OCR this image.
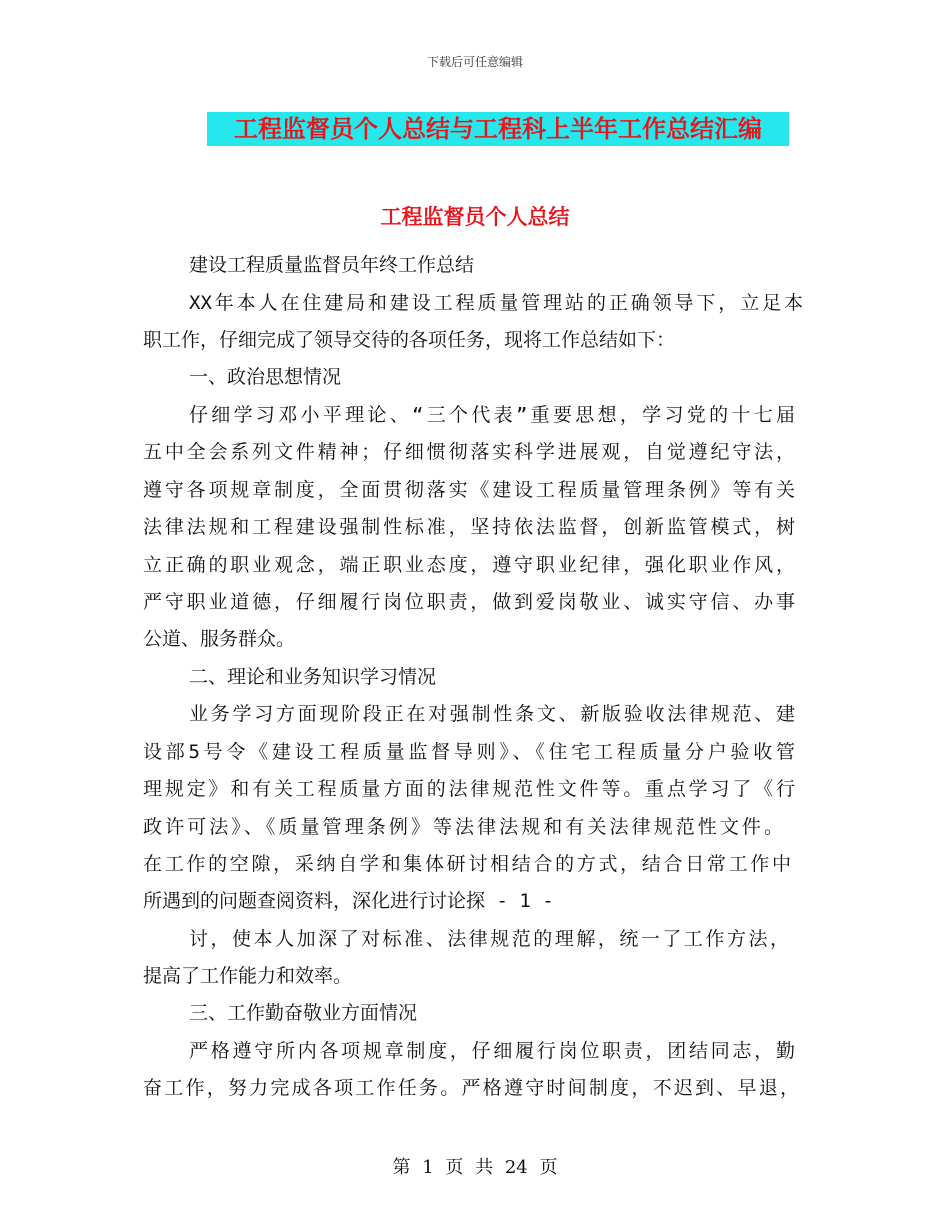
下载后可任意编辑
工程监督员个人总结与工程科上半年工作总结汇编
工程监督员个人总结
建设工程质量监督员年终工作总结
XX年本人在住建局和建设工程质量管理站的正确领导下，立足本
职工作，仔细完成了领导交待的各项任务，现将工作总结如下：
一、政治思想情况
仔细学习邓小平理论、“三个代表”重要思想，学习党的十七届
五中全会系列文件精神；仔细惯彻落实科学进展观，自觉遵纪守法，
遵守各项规章制度，全面贯彻落实《建设工程质量管理条例》等有关
法律法规和工程建设强制性标准，坚持依法监督，创新监管模式，树
立正确的职业观念，端正职业态度，遵守职业纪律，强化职业作风，
严守职业道德，仔细履行岗位职责，做到爱岗敬业、诚实守信、办事
公道、服务群众。
二、理论和业务知识学习情况
业务学习方面现阶段正在对强制性条文、新版验收法律规范、建
设部5号令《建设工程质量监督导则》、《住宅工程质量分户验收管
理规定》和有关工程质量方面的法律规范性文件等。重点学习了《行
政许可法》、《质量管理条例》等法律法规和有关法律规范性文件。
在工作的空隙，采纳自学和集体研讨相结合的方式，结合日常工作中
所遇到的问题查阅资料，深化进行讨论探 - 1 -
讨，使本人加深了对标准、法律规范的理解，统一了工作方法，
提高了工作能力和效率。
三、工作勤奋敬业方面情况
严格遵守所内各项规章制度，仔细履行岗位职责，团结同志，勤
奋工作，努力完成各项工作任务。严格遵守时间制度，不迟到、早退，
第 1 页 共 24 页
